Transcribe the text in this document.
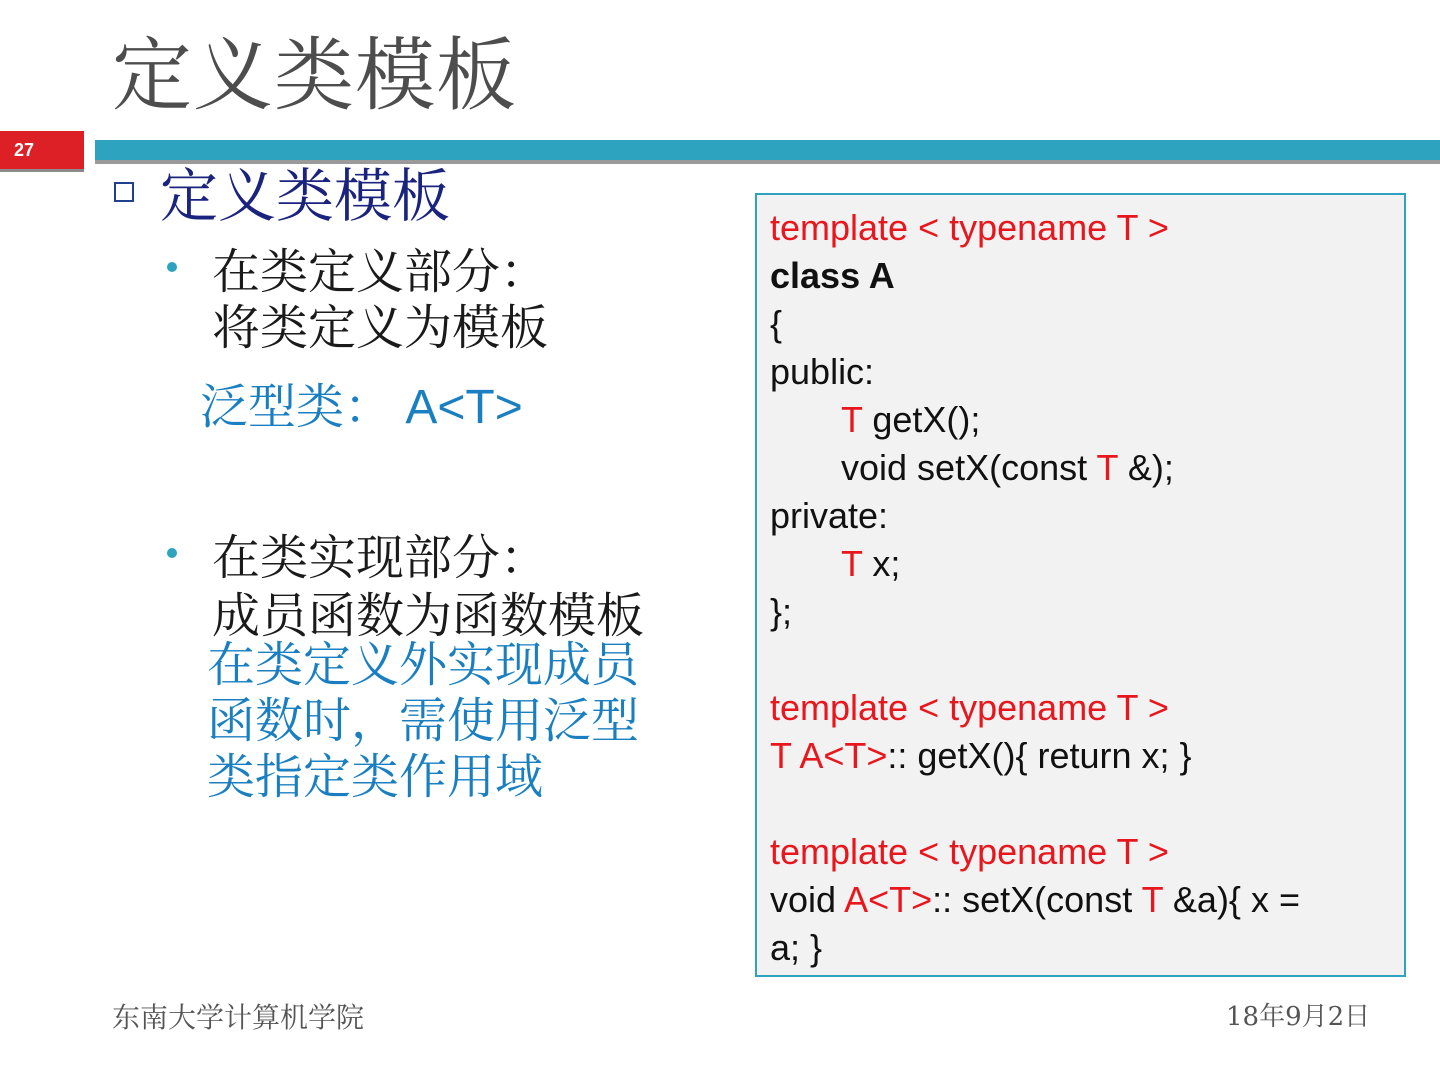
定义类模板
27
定义类模板
在类定义部分：
将类定义为模板
泛型类： A<T>
在类实现部分：
成员函数为函数模板
在类定义外实现成员
函数时，需使用泛型
类指定类作用域
template < typename T >
class A
{
public:
T getX();
void setX(const T &);
private:
T x;
};
template < typename T >
T A<T>:: getX(){ return x; }
template < typename T >
void A<T>:: setX(const T &a){ x =
a; }
东南大学计算机学院	18年9月2日
